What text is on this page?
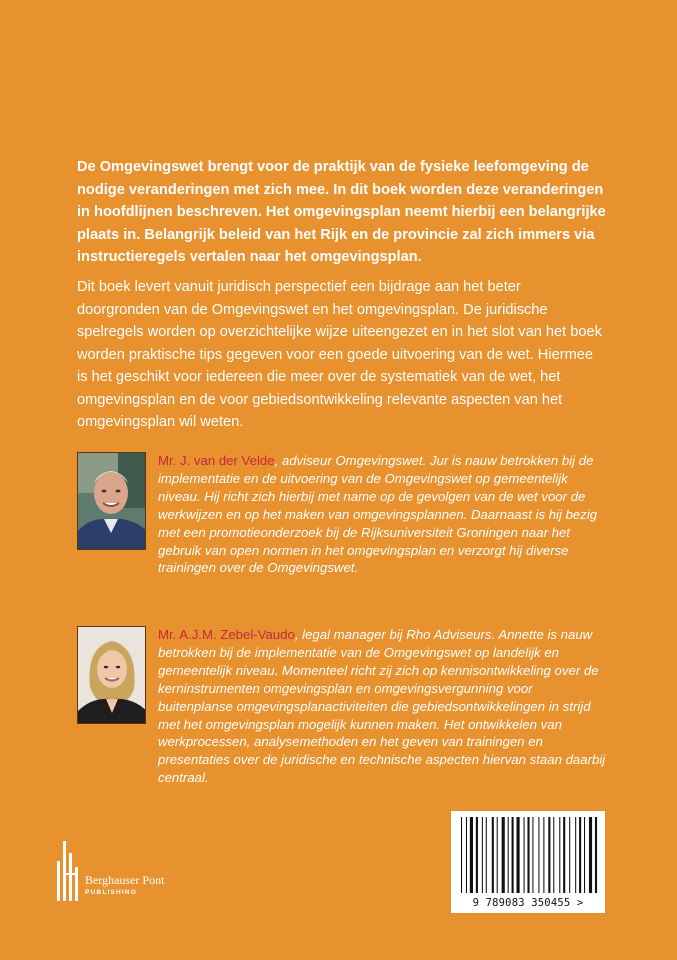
De Omgevingswet brengt voor de praktijk van de fysieke leefomgeving de nodige veranderingen met zich mee. In dit boek worden deze veranderingen in hoofdlijnen beschreven. Het omgevingsplan neemt hierbij een belangrijke plaats in. Belangrijk beleid van het Rijk en de provincie zal zich immers via instructieregels vertalen naar het omgevingsplan.

Dit boek levert vanuit juridisch perspectief een bijdrage aan het beter doorgronden van de Omgevingswet en het omgevingsplan. De juridische spelregels worden op overzichtelijke wijze uiteengezet en in het slot van het boek worden praktische tips gegeven voor een goede uitvoering van de wet. Hiermee is het geschikt voor iedereen die meer over de systematiek van de wet, het omgevingsplan en de voor gebiedsontwikkeling relevante aspecten van het omgevingsplan wil weten.

Mr. J. van der Velde, adviseur Omgevingswet. Jur is nauw betrokken bij de implementatie en de uitvoering van de Omgevingswet op gemeentelijk niveau. Hij richt zich hierbij met name op de gevolgen van de wet voor de werkwijzen en op het maken van omgevingsplannen. Daarnaast is hij bezig met een promotieonderzoek bij de Rijksuniversiteit Groningen naar het gebruik van open normen in het omgevingsplan en verzorgt hij diverse trainingen over de Omgevingswet.

Mr. A.J.M. Zebel-Vaudo, legal manager bij Rho Adviseurs. Annette is nauw betrokken bij de implementatie van de Omgevingswet op landelijk en gemeentelijk niveau. Momenteel richt zij zich op kennisontwikkeling over de kerninstrumenten omgevingsplan en omgevingsvergunning voor buitenplanse omgevingsplanactiviteiten die gebiedsontwikkelingen in strijd met het omgevingsplan mogelijk kunnen maken. Het ontwikkelen van werkprocessen, analysemethoden en het geven van trainingen en presentaties over de juridische en technische aspecten hiervan staan daarbij centraal.

Berghauser Pont
PUBLISHING
9 789083 350455 >
